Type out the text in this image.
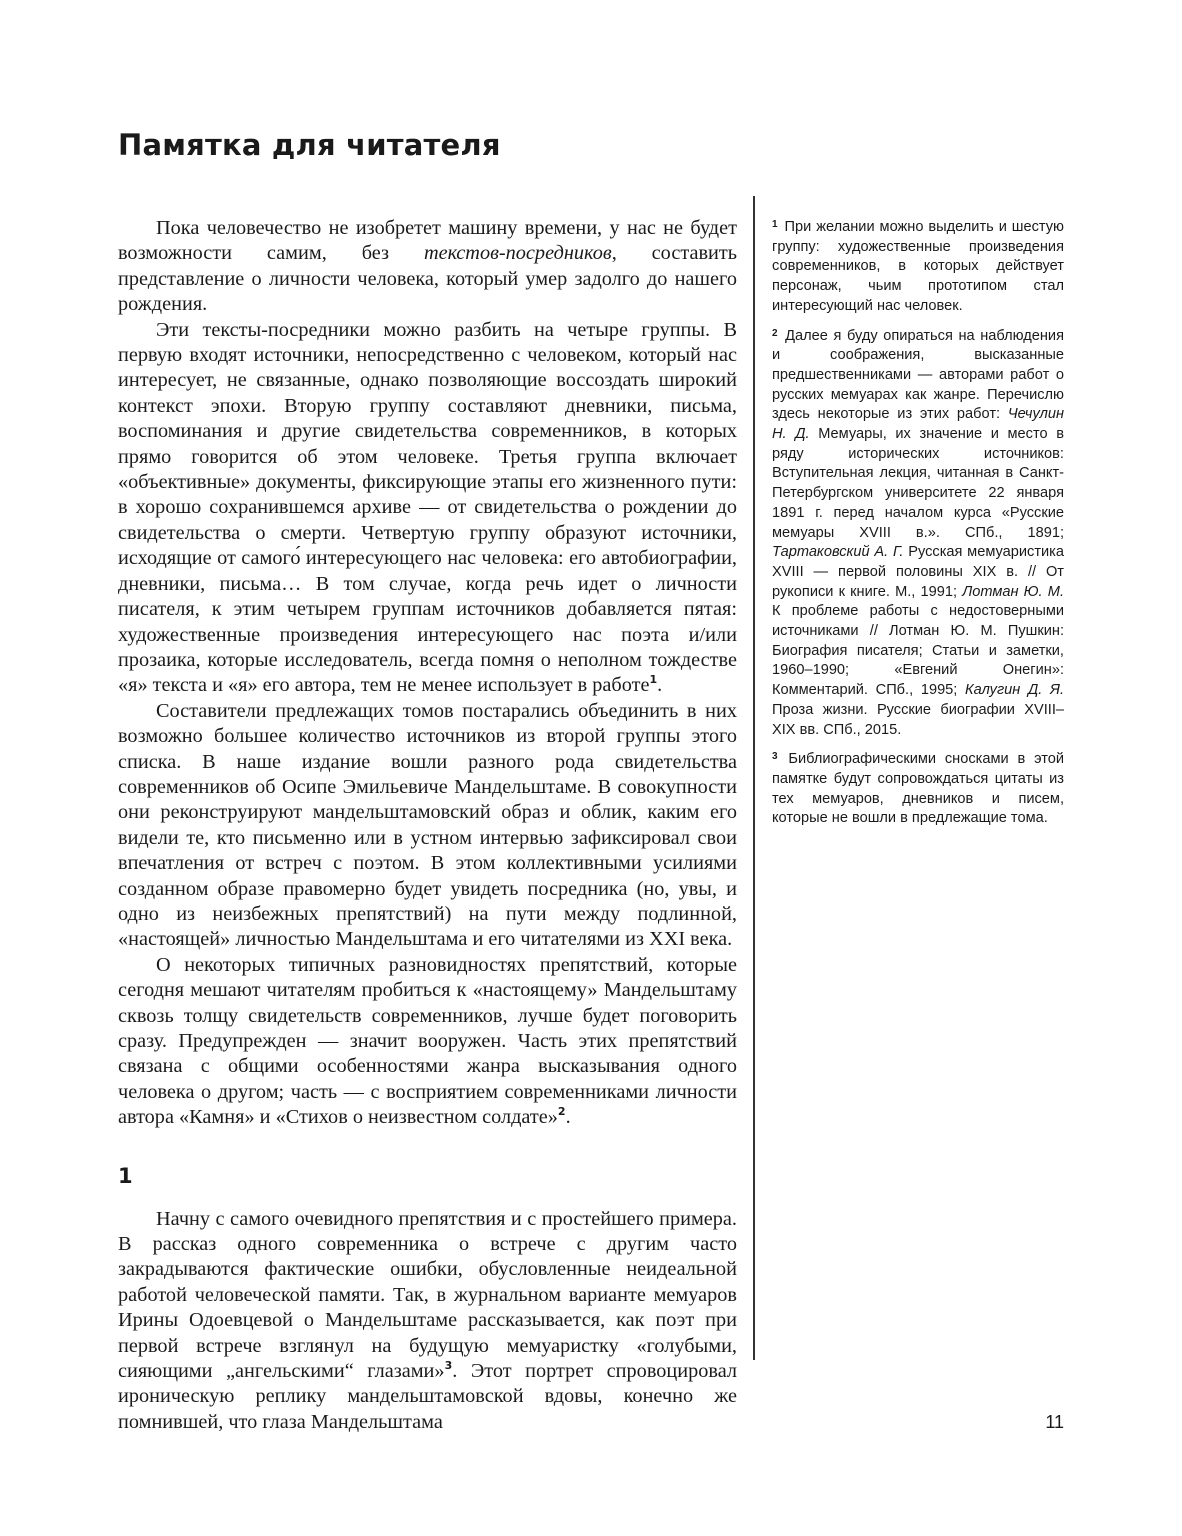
Памятка для читателя

Пока человечество не изобретет машину времени, у нас не будет возможности самим, без текстов-посредников, составить представление о личности человека, который умер задолго до нашего рождения.

Эти тексты-посредники можно разбить на четыре группы. В первую входят источники, непосредственно с человеком, который нас интересует, не связанные, однако позволяющие воссоздать широкий контекст эпохи. Вторую группу составляют дневники, письма, воспоминания и другие свидетельства современников, в которых прямо говорится об этом человеке. Третья группа включает «объективные» документы, фиксирующие этапы его жизненного пути: в хорошо сохранившемся архиве — от свидетельства о рождении до свидетельства о смерти. Четвертую группу образуют источники, исходящие от самого́ интересующего нас человека: его автобиографии, дневники, письма… В том случае, когда речь идет о личности писателя, к этим четырем группам источников добавляется пятая: художественные произведения интересующего нас поэта и/или прозаика, которые исследователь, всегда помня о неполном тождестве «я» текста и «я» его автора, тем не менее использует в работе$^1$.

Составители предлежащих томов постарались объединить в них возможно большее количество источников из второй группы этого списка. В наше издание вошли разного рода свидетельства современников об Осипе Эмильевиче Мандельштаме. В совокупности они реконструируют мандельштамовский образ и облик, каким его видели те, кто письменно или в устном интервью зафиксировал свои впечатления от встреч с поэтом. В этом коллективными усилиями созданном образе правомерно будет увидеть посредника (но, увы, и одно из неизбежных препятствий) на пути между подлинной, «настоящей» личностью Мандельштама и его читателями из XXI века.

О некоторых типичных разновидностях препятствий, которые сегодня мешают читателям пробиться к «настоящему» Мандельштаму сквозь толщу свидетельств современников, лучше будет поговорить сразу. Предупрежден — значит вооружен. Часть этих препятствий связана с общими особенностями жанра высказывания одного человека о другом; часть — с восприятием современниками личности автора «Камня» и «Стихов о неизвестном солдате»$^2$.

1

Начну с самого очевидного препятствия и с простейшего примера. В рассказ одного современника о встрече с другим часто закрадываются фактические ошибки, обусловленные неидеальной работой человеческой памяти. Так, в журнальном варианте мемуаров Ирины Одоевцевой о Мандельштаме рассказывается, как поэт при первой встрече взглянул на будущую мемуаристку «голубыми, сияющими „ангельскими“ глазами»$^3$. Этот портрет спровоцировал ироническую реплику мандельштамовской вдовы, конечно же помнившей, что глаза Мандельштама

$^1$ При желании можно выделить и шестую группу: художественные произведения современников, в которых действует персонаж, чьим прототипом стал интересующий нас человек.

$^2$ Далее я буду опираться на наблюдения и соображения, высказанные предшественниками — авторами работ о русских мемуарах как жанре. Перечислю здесь некоторые из этих работ: Чечулин Н. Д. Мемуары, их значение и место в ряду исторических источников: Вступительная лекция, читанная в Санкт-Петербургском университете 22 января 1891 г. перед началом курса «Русские мемуары XVIII в.». СПб., 1891; Тартаковский А. Г. Русская мемуаристика XVIII — первой половины XIX в. // От рукописи к книге. М., 1991; Лотман Ю. М. К проблеме работы с недостоверными источниками // Лотман Ю. М. Пушкин: Биография писателя; Статьи и заметки, 1960–1990; «Евгений Онегин»: Комментарий. СПб., 1995; Калугин Д. Я. Проза жизни. Русские биографии XVIII–XIX вв. СПб., 2015.

$^3$ Библиографическими сносками в этой памятке будут сопровождаться цитаты из тех мемуаров, дневников и писем, которые не вошли в предлежащие тома.

11
